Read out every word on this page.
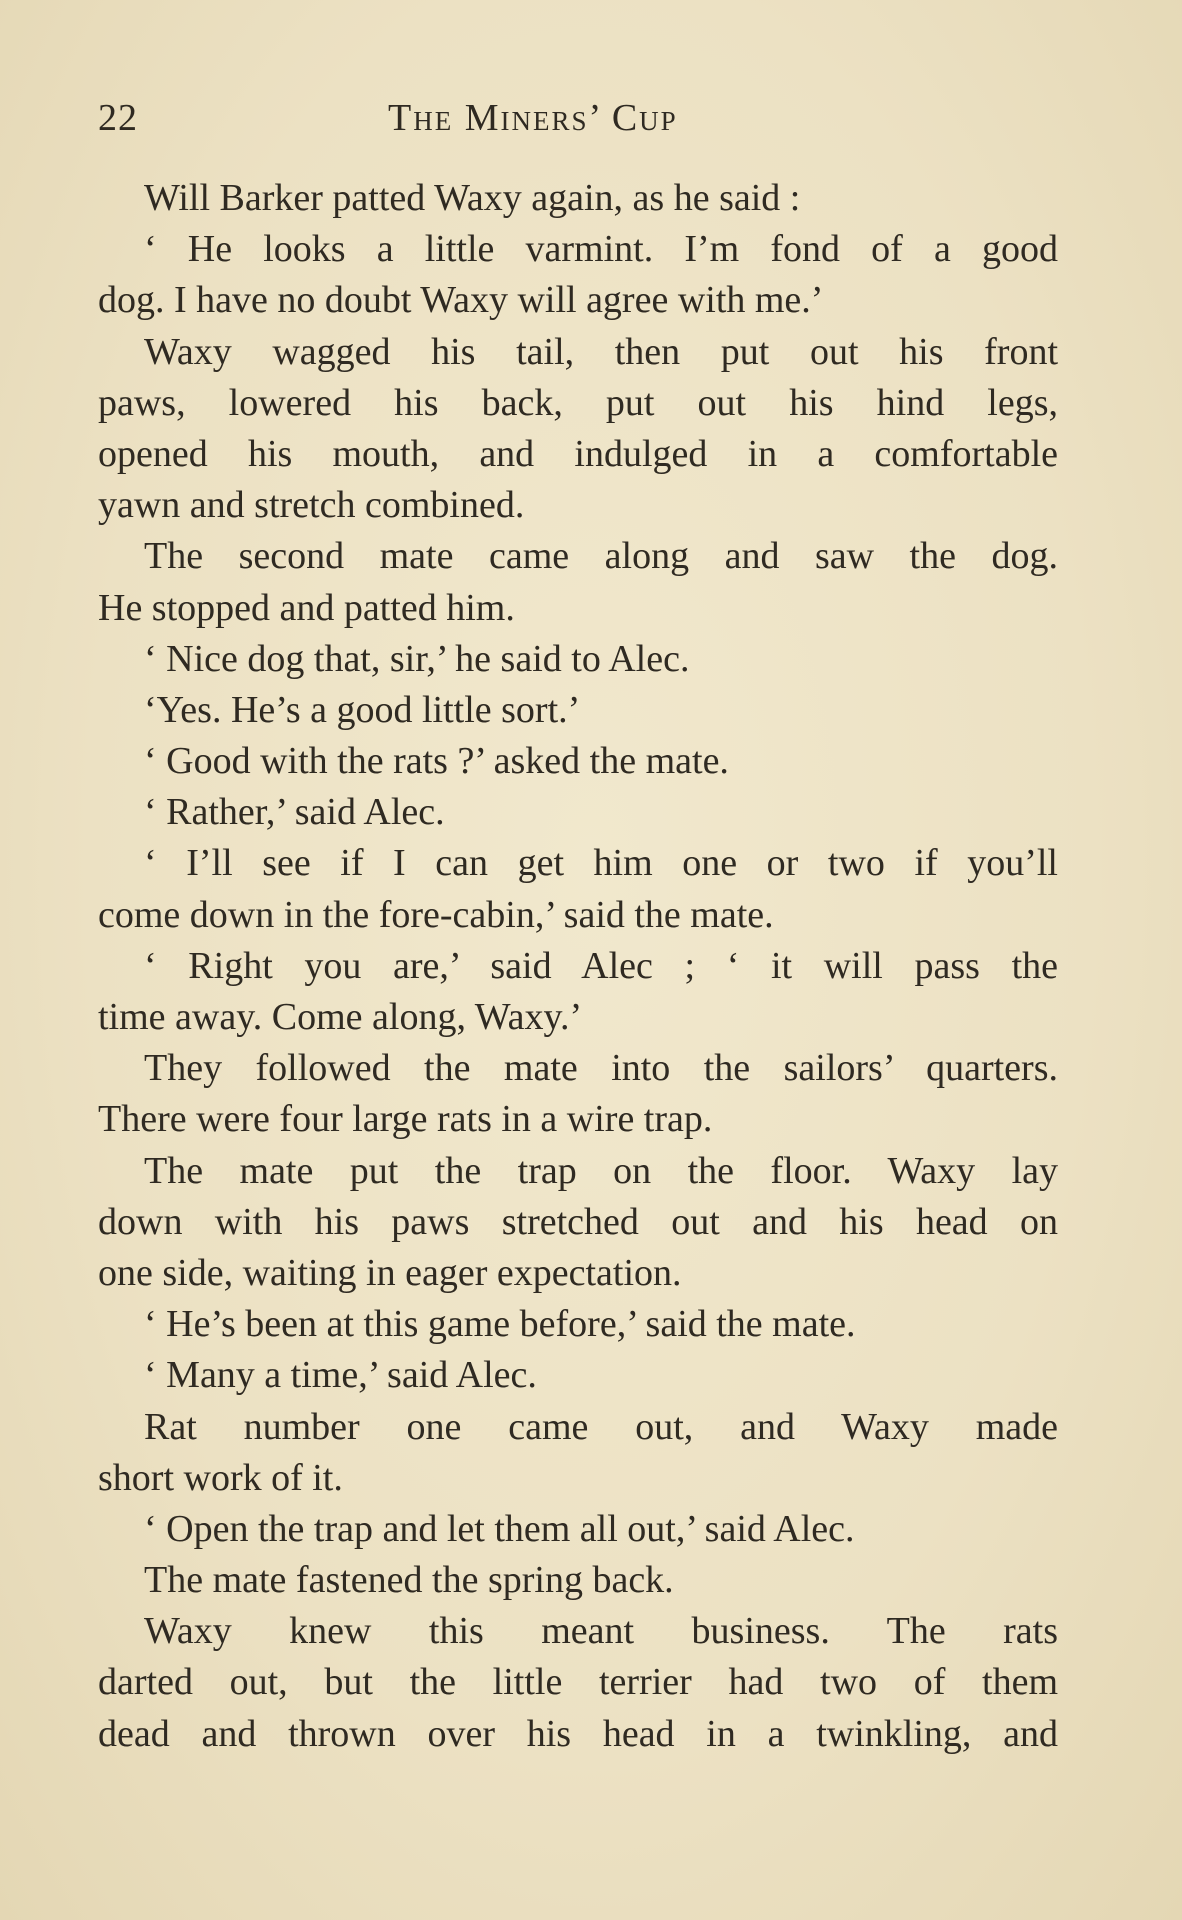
22	The Miners’ Cup
Will Barker patted Waxy again, as he said :
‘ He looks a little varmint. I’m fond of a good
dog. I have no doubt Waxy will agree with me.’
Waxy wagged his tail, then put out his front
paws, lowered his back, put out his hind legs,
opened his mouth, and indulged in a comfortable
yawn and stretch combined.
The second mate came along and saw the dog.
He stopped and patted him.
‘ Nice dog that, sir,’ he said to Alec.
‘Yes. He’s a good little sort.’
‘ Good with the rats ?’ asked the mate.
‘ Rather,’ said Alec.
‘ I’ll see if I can get him one or two if you’ll
come down in the fore-cabin,’ said the mate.
‘ Right you are,’ said Alec ; ‘ it will pass the
time away. Come along, Waxy.’
They followed the mate into the sailors’ quarters.
There were four large rats in a wire trap.
The mate put the trap on the floor. Waxy lay
down with his paws stretched out and his head on
one side, waiting in eager expectation.
‘ He’s been at this game before,’ said the mate.
‘ Many a time,’ said Alec.
Rat number one came out, and Waxy made
short work of it.
‘ Open the trap and let them all out,’ said Alec.
The mate fastened the spring back.
Waxy knew this meant business. The rats
darted out, but the little terrier had two of them
dead and thrown over his head in a twinkling, and
